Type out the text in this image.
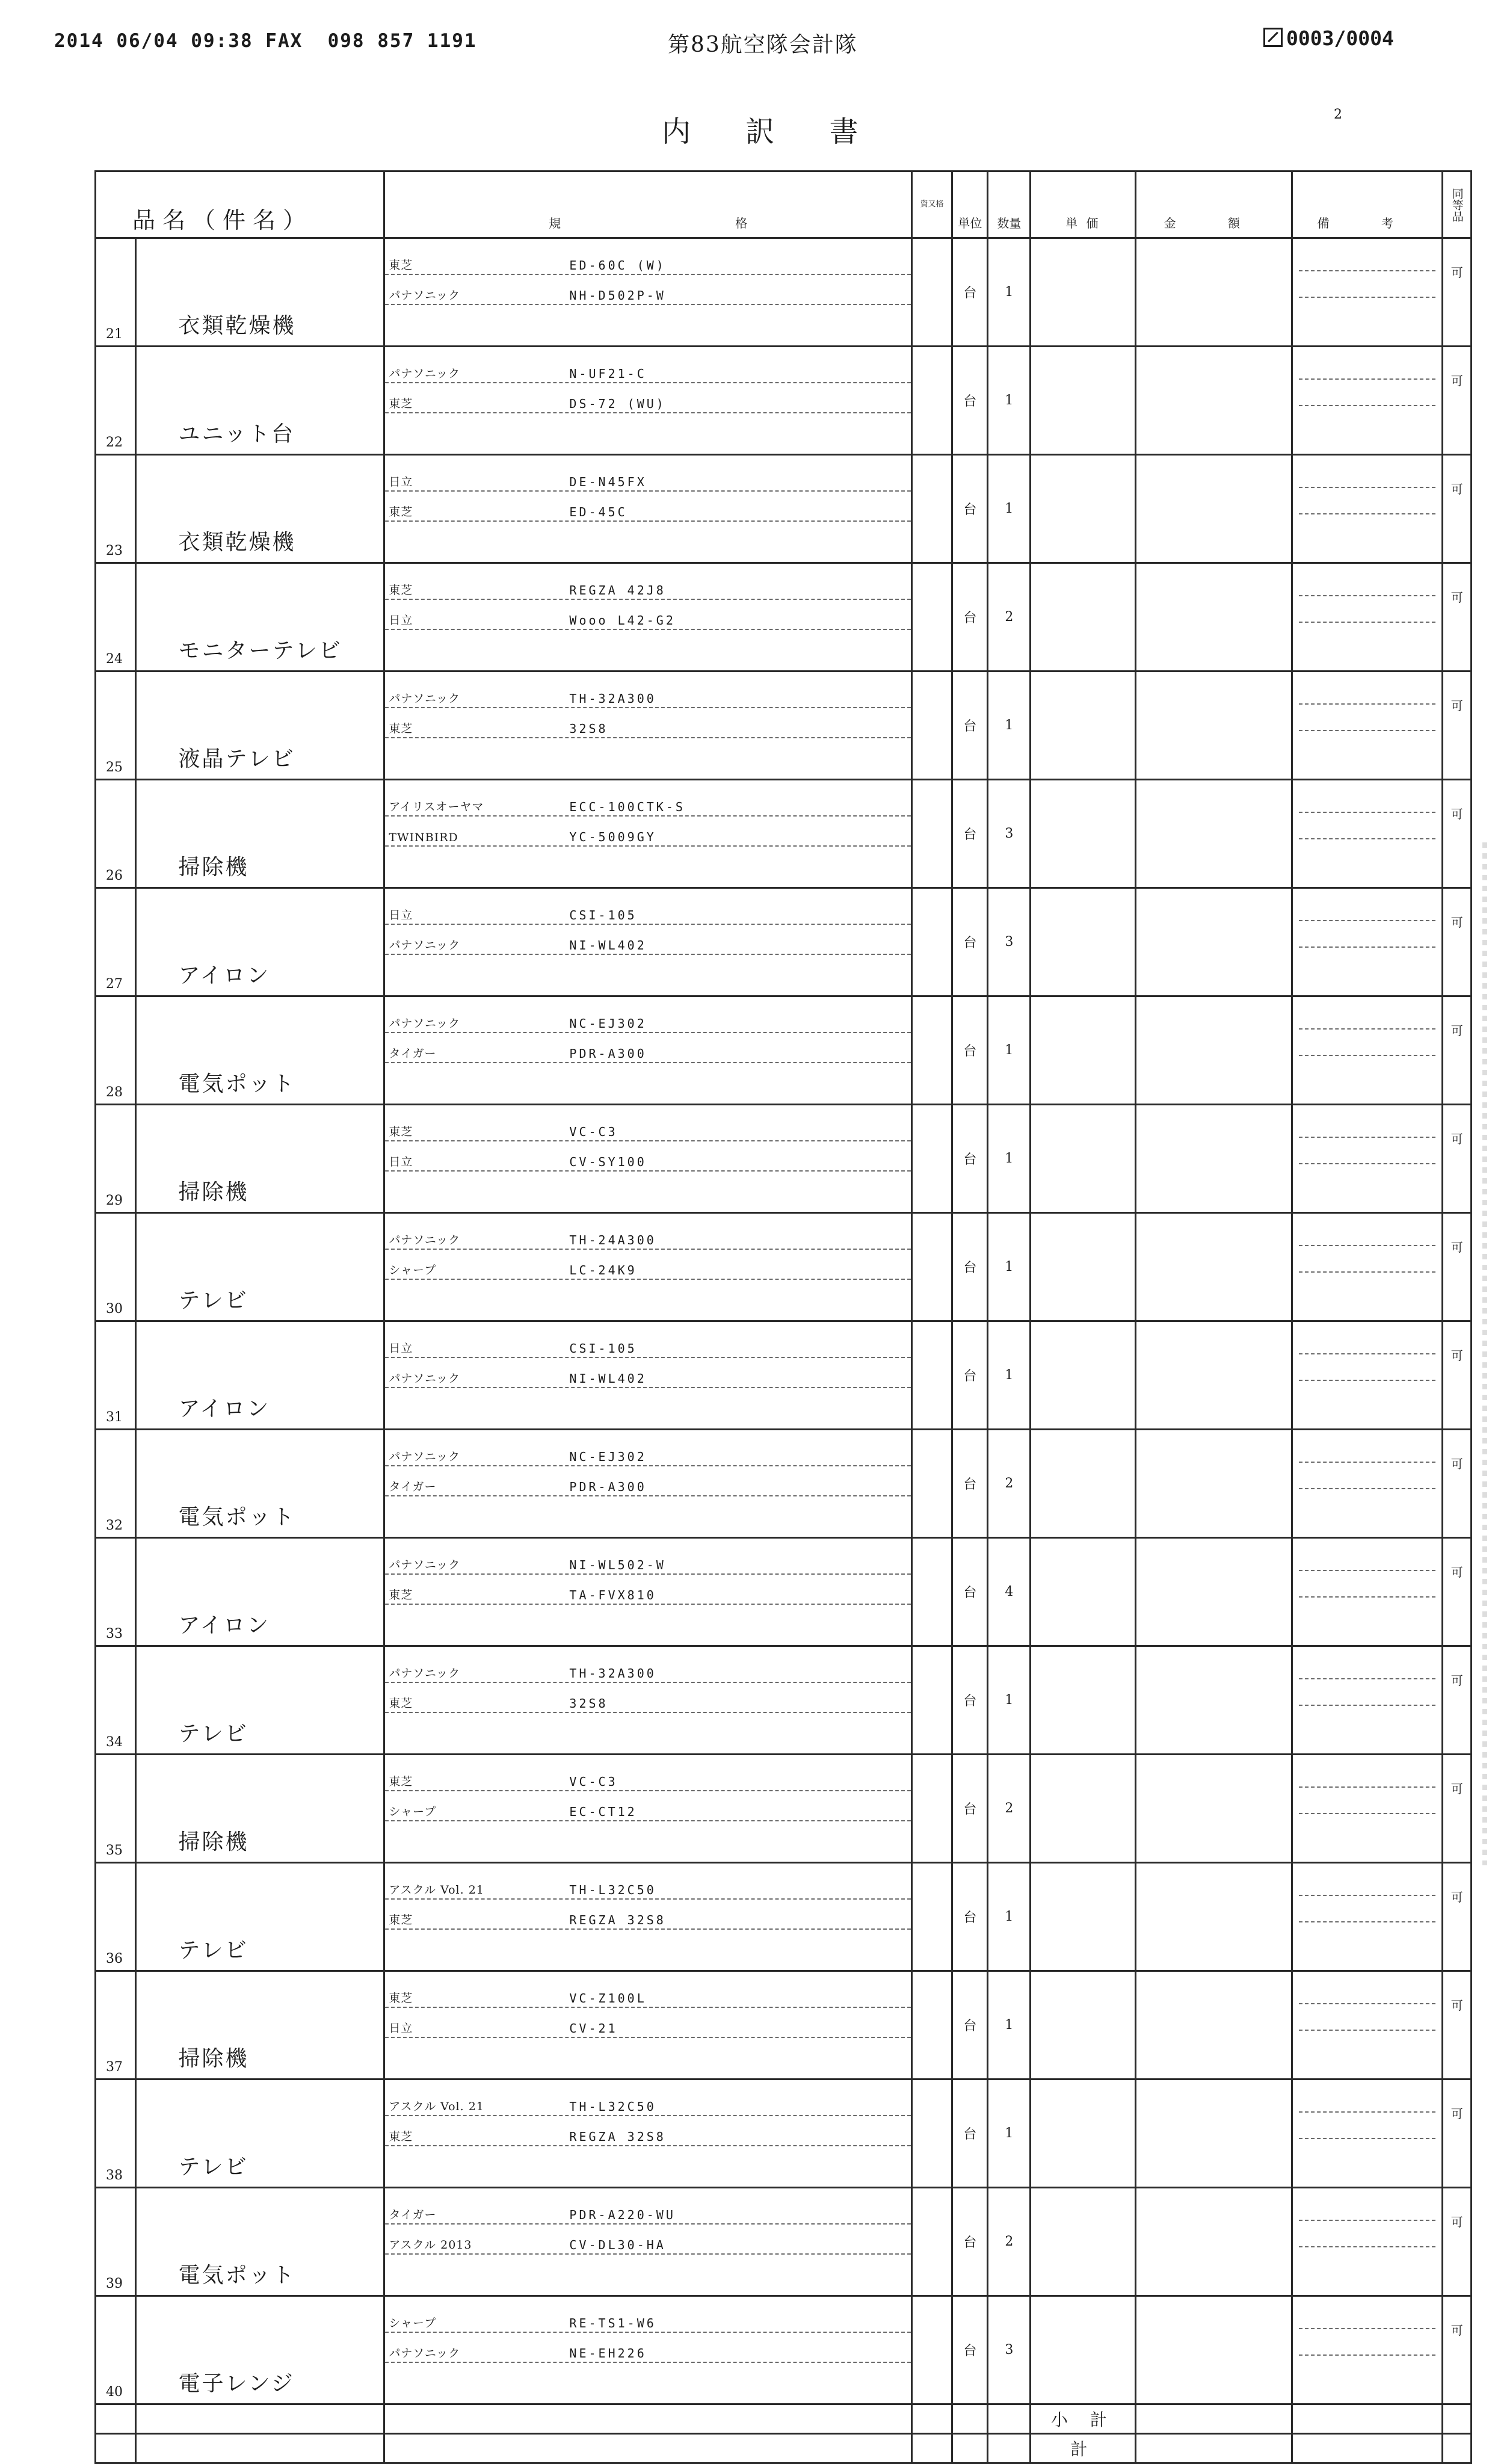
2014 06/04 09:38 FAX  098 857 1191	第83航空隊会計隊	0003/0004
内 訳 書
2
品名（件名）		規 格	資又格	単位	数量	単 価	金 額	備 考	同等品

21	衣類乾燥機	東芝 ED-60C (W)
パナソニック NH-D502P-W		台	1				可

22	ユニット台	パナソニック N-UF21-C
東芝 DS-72 (WU)		台	1				可

23	衣類乾燥機	日立 DE-N45FX
東芝 ED-45C		台	1				可

24	モニターテレビ	東芝 REGZA 42J8
日立 Wooo L42-G2		台	2				可

25	液晶テレビ	パナソニック TH-32A300
東芝 32S8		台	1				可

26	掃除機	アイリスオーヤマ ECC-100CTK-S
TWINBIRD YC-5009GY		台	3				可

27	アイロン	日立 CSI-105
パナソニック NI-WL402		台	3				可

28	電気ポット	パナソニック NC-EJ302
タイガー PDR-A300		台	1				可

29	掃除機	東芝 VC-C3
日立 CV-SY100		台	1				可

30	テレビ	パナソニック TH-24A300
シャープ LC-24K9		台	1				可

31	アイロン	日立 CSI-105
パナソニック NI-WL402		台	1				可

32	電気ポット	パナソニック NC-EJ302
タイガー PDR-A300		台	2				可

33	アイロン	パナソニック NI-WL502-W
東芝 TA-FVX810		台	4				可

34	テレビ	パナソニック TH-32A300
東芝 32S8		台	1				可

35	掃除機	東芝 VC-C3
シャープ EC-CT12		台	2				可

36	テレビ	アスクル Vol. 21 TH-L32C50
東芝 REGZA 32S8		台	1				可

37	掃除機	東芝 VC-Z100L
日立 CV-21		台	1				可

38	テレビ	アスクル Vol. 21 TH-L32C50
東芝 REGZA 32S8		台	1				可

39	電気ポット	タイガー PDR-A220-WU
アスクル 2013 CV-DL30-HA		台	2				可

40	電子レンジ	シャープ RE-TS1-W6
パナソニック NE-EH226		台	3				可
						小 計			
						計			
